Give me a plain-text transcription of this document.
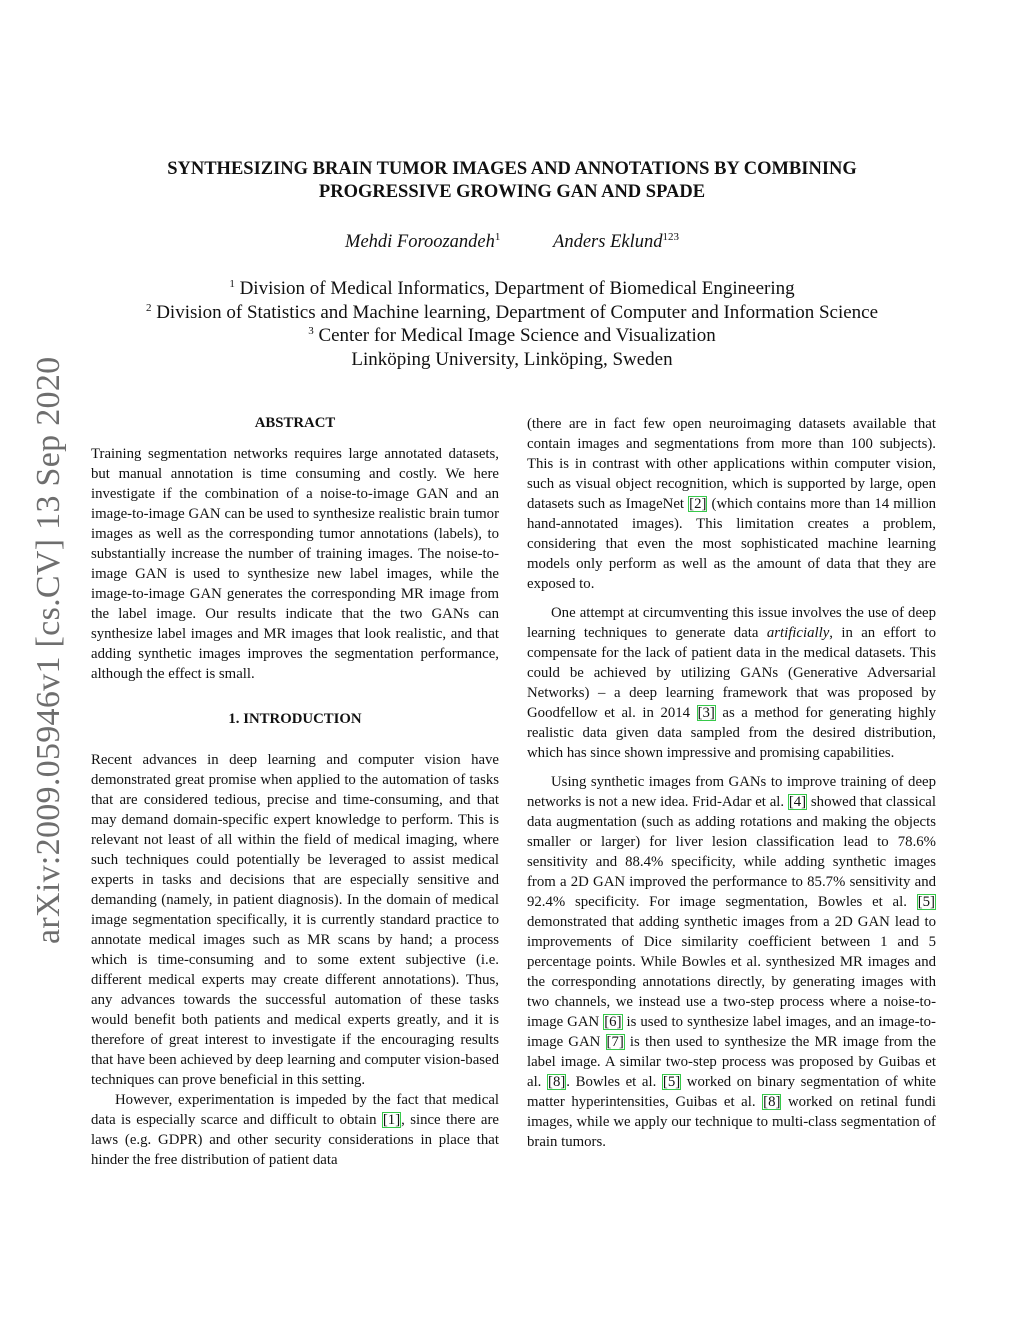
arXiv:2009.05946v1 [cs.CV] 13 Sep 2020
SYNTHESIZING BRAIN TUMOR IMAGES AND ANNOTATIONS BY COMBINING
PROGRESSIVE GROWING GAN AND SPADE
Mehdi Foroozandeh$^1$	Anders Eklund$^{123}$
$^1$ Division of Medical Informatics, Department of Biomedical Engineering
$^2$ Division of Statistics and Machine learning, Department of Computer and Information Science
$^3$ Center for Medical Image Science and Visualization
Linköping University, Linköping, Sweden
ABSTRACT

Training segmentation networks requires large annotated datasets, but manual annotation is time consuming and costly. We here investigate if the combination of a noise-to-image GAN and an image-to-image GAN can be used to synthesize realistic brain tumor images as well as the corresponding tumor annotations (labels), to substantially increase the number of training images. The noise-to-image GAN is used to synthesize new label images, while the image-to-image GAN generates the corresponding MR image from the label image. Our results indicate that the two GANs can synthesize label images and MR images that look realistic, and that adding synthetic images improves the segmentation performance, although the effect is small.

1. INTRODUCTION

Recent advances in deep learning and computer vision have demonstrated great promise when applied to the automation of tasks that are considered tedious, precise and time-consuming, and that may demand domain-specific expert knowledge to perform. This is relevant not least of all within the field of medical imaging, where such techniques could potentially be leveraged to assist medical experts in tasks and decisions that are especially sensitive and demanding (namely, in patient diagnosis). In the domain of medical image segmentation specifically, it is currently standard practice to annotate medical images such as MR scans by hand; a process which is time-consuming and to some extent subjective (i.e. different medical experts may create different annotations). Thus, any advances towards the successful automation of these tasks would benefit both patients and medical experts greatly, and it is therefore of great interest to investigate if the encouraging results that have been achieved by deep learning and computer vision-based techniques can prove beneficial in this setting.

However, experimentation is impeded by the fact that medical data is especially scarce and difficult to obtain [1], since there are laws (e.g. GDPR) and other security considerations in place that hinder the free distribution of patient data

(there are in fact few open neuroimaging datasets available that contain images and segmentations from more than 100 subjects). This is in contrast with other applications within computer vision, such as visual object recognition, which is supported by large, open datasets such as ImageNet [2] (which contains more than 14 million hand-annotated images). This limitation creates a problem, considering that even the most sophisticated machine learning models only perform as well as the amount of data that they are exposed to.

One attempt at circumventing this issue involves the use of deep learning techniques to generate data artificially, in an effort to compensate for the lack of patient data in the medical datasets. This could be achieved by utilizing GANs (Generative Adversarial Networks) – a deep learning framework that was proposed by Goodfellow et al. in 2014 [3] as a method for generating highly realistic data given data sampled from the desired distribution, which has since shown impressive and promising capabilities.

Using synthetic images from GANs to improve training of deep networks is not a new idea. Frid-Adar et al. [4] showed that classical data augmentation (such as adding rotations and making the objects smaller or larger) for liver lesion classification lead to 78.6% sensitivity and 88.4% specificity, while adding synthetic images from a 2D GAN improved the performance to 85.7% sensitivity and 92.4% specificity. For image segmentation, Bowles et al. [5] demonstrated that adding synthetic images from a 2D GAN lead to improvements of Dice similarity coefficient between 1 and 5 percentage points. While Bowles et al. synthesized MR images and the corresponding annotations directly, by generating images with two channels, we instead use a two-step process where a noise-to-image GAN [6] is used to synthesize label images, and an image-to-image GAN [7] is then used to synthesize the MR image from the label image. A similar two-step process was proposed by Guibas et al. [8]. Bowles et al. [5] worked on binary segmentation of white matter hyperintensities, Guibas et al. [8] worked on retinal fundi images, while we apply our technique to multi-class segmentation of brain tumors.
